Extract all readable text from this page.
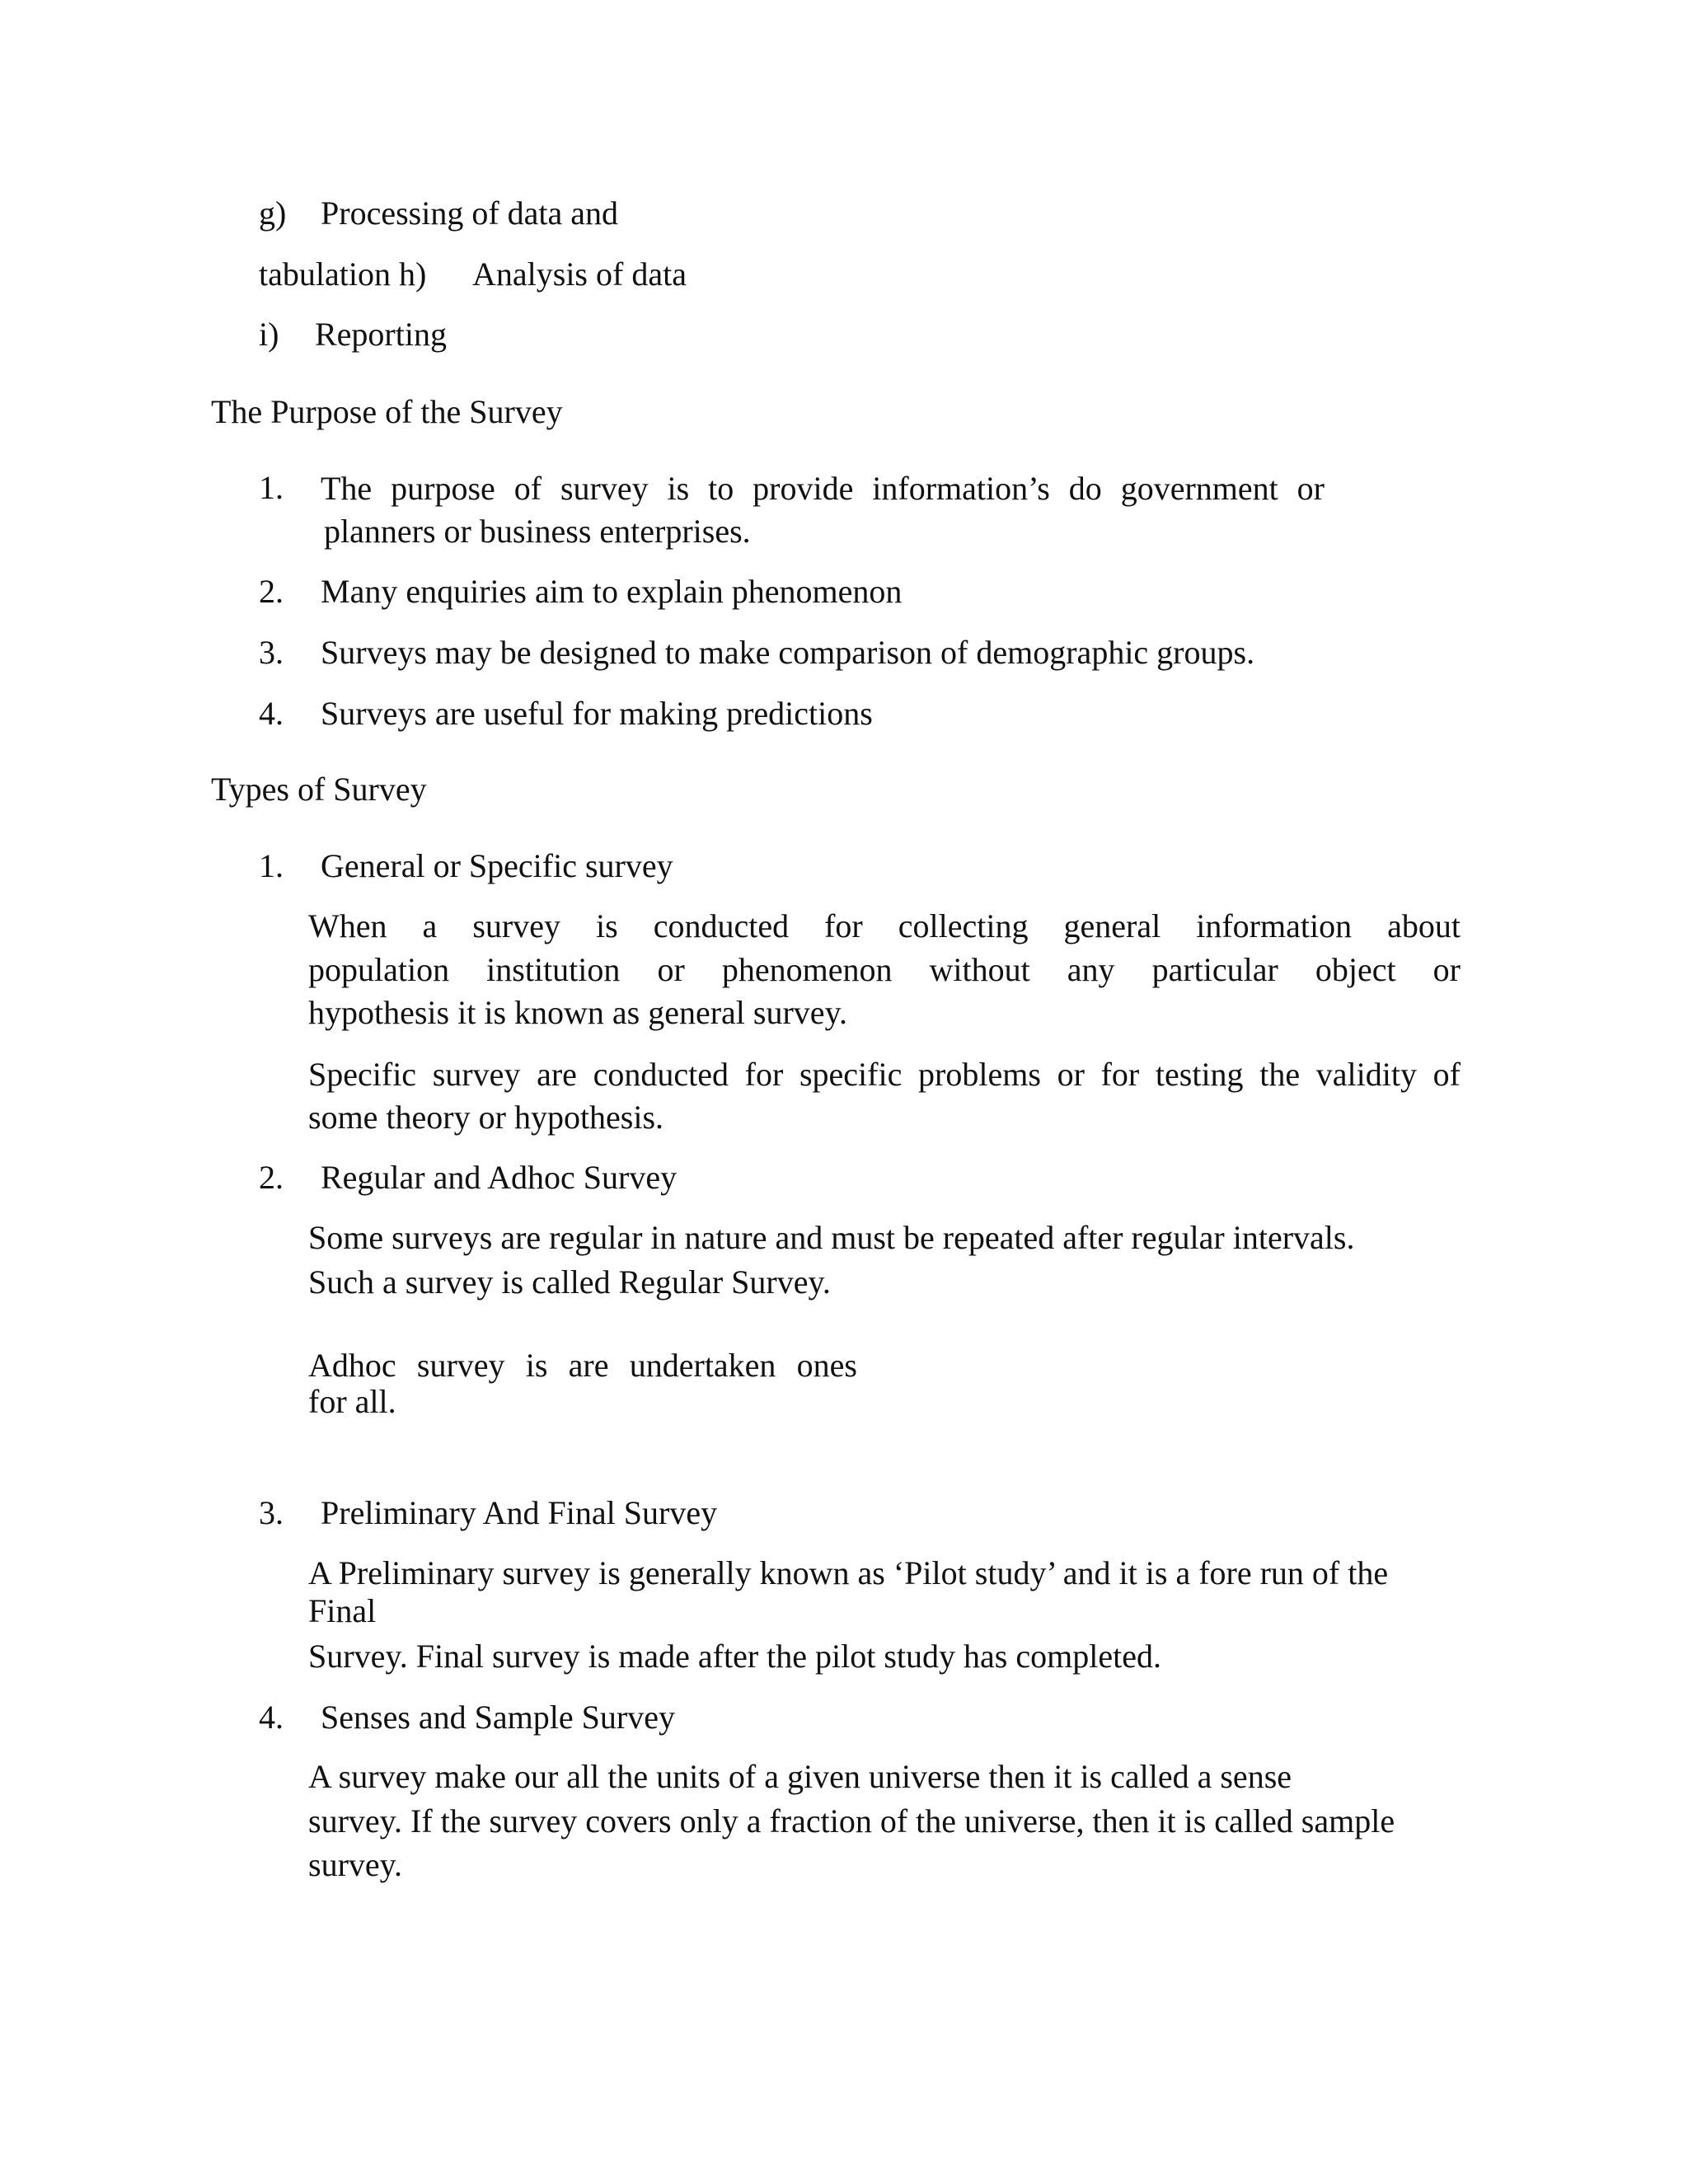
g) Processing of data and
tabulation h) Analysis of data
i) Reporting
The Purpose of the Survey
1. The purpose of survey is to provide information’s do government or
planners or business enterprises.
2. Many enquiries aim to explain phenomenon
3. Surveys may be designed to make comparison of demographic groups.
4. Surveys are useful for making predictions
Types of Survey
1. General or Specific survey
When a survey is conducted for collecting general information about
population institution or phenomenon without any particular object or
hypothesis it is known as general survey.
Specific survey are conducted for specific problems or for testing the validity of
some theory or hypothesis.
2. Regular and Adhoc Survey
Some surveys are regular in nature and must be repeated after regular intervals.
Such a survey is called Regular Survey.
Adhoc survey is are undertaken ones
for all.
3. Preliminary And Final Survey
A Preliminary survey is generally known as ‘Pilot study’ and it is a fore run of the
Final
Survey. Final survey is made after the pilot study has completed.
4. Senses and Sample Survey
A survey make our all the units of a given universe then it is called a sense
survey. If the survey covers only a fraction of the universe, then it is called sample
survey.
